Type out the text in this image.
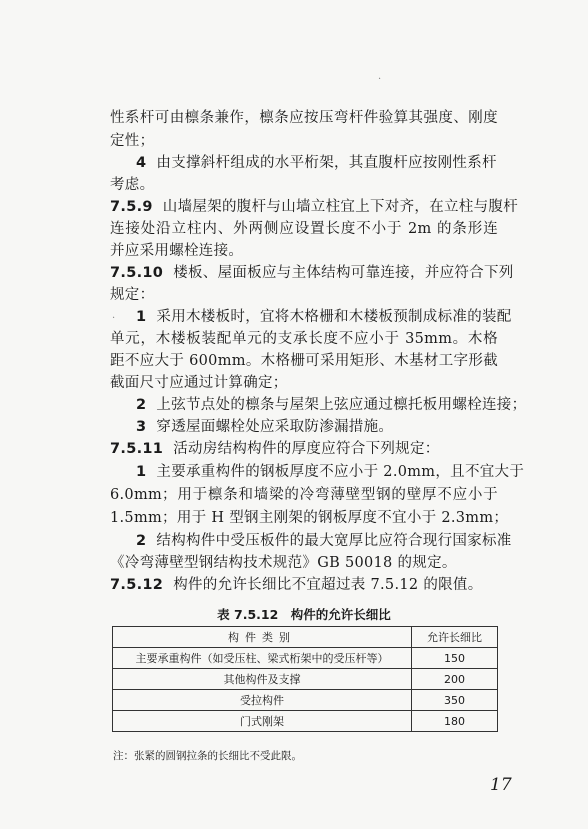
性系杆可由檩条兼作，檩条应按压弯杆件验算其强度、刚度
定性；
4 由支撑斜杆组成的水平桁架，其直腹杆应按刚性系杆
考虑。
7.5.9 山墙屋架的腹杆与山墙立柱宜上下对齐，在立柱与腹杆
连接处沿立柱内、外两侧应设置长度不小于 2m 的条形连
并应采用螺栓连接。
7.5.10 楼板、屋面板应与主体结构可靠连接，并应符合下列
规定：
1 采用木楼板时，宜将木格栅和木楼板预制成标准的装配
单元，木楼板装配单元的支承长度不应小于 35mm。木格
距不应大于 600mm。木格栅可采用矩形、木基材工字形截
截面尺寸应通过计算确定；
2 上弦节点处的檩条与屋架上弦应通过檩托板用螺栓连接；
3 穿透屋面螺栓处应采取防渗漏措施。
7.5.11 活动房结构构件的厚度应符合下列规定：
1 主要承重构件的钢板厚度不应小于 2.0mm，且不宜大于
6.0mm；用于檩条和墙梁的冷弯薄壁型钢的壁厚不应小于
1.5mm；用于 H 型钢主刚架的钢板厚度不宜小于 2.3mm；
2 结构构件中受压板件的最大宽厚比应符合现行国家标准
《冷弯薄壁型钢结构技术规范》GB 50018 的规定。
7.5.12 构件的允许长细比不宜超过表 7.5.12 的限值。
表 7.5.12　构件的允许长细比
构件类别	允许长细比
主要承重构件（如受压柱、梁式桁架中的受压杆等）	150
其他构件及支撑	200
受拉构件	350
门式刚架	180
注：张紧的圆钢拉条的长细比不受此限。
17
·
·
